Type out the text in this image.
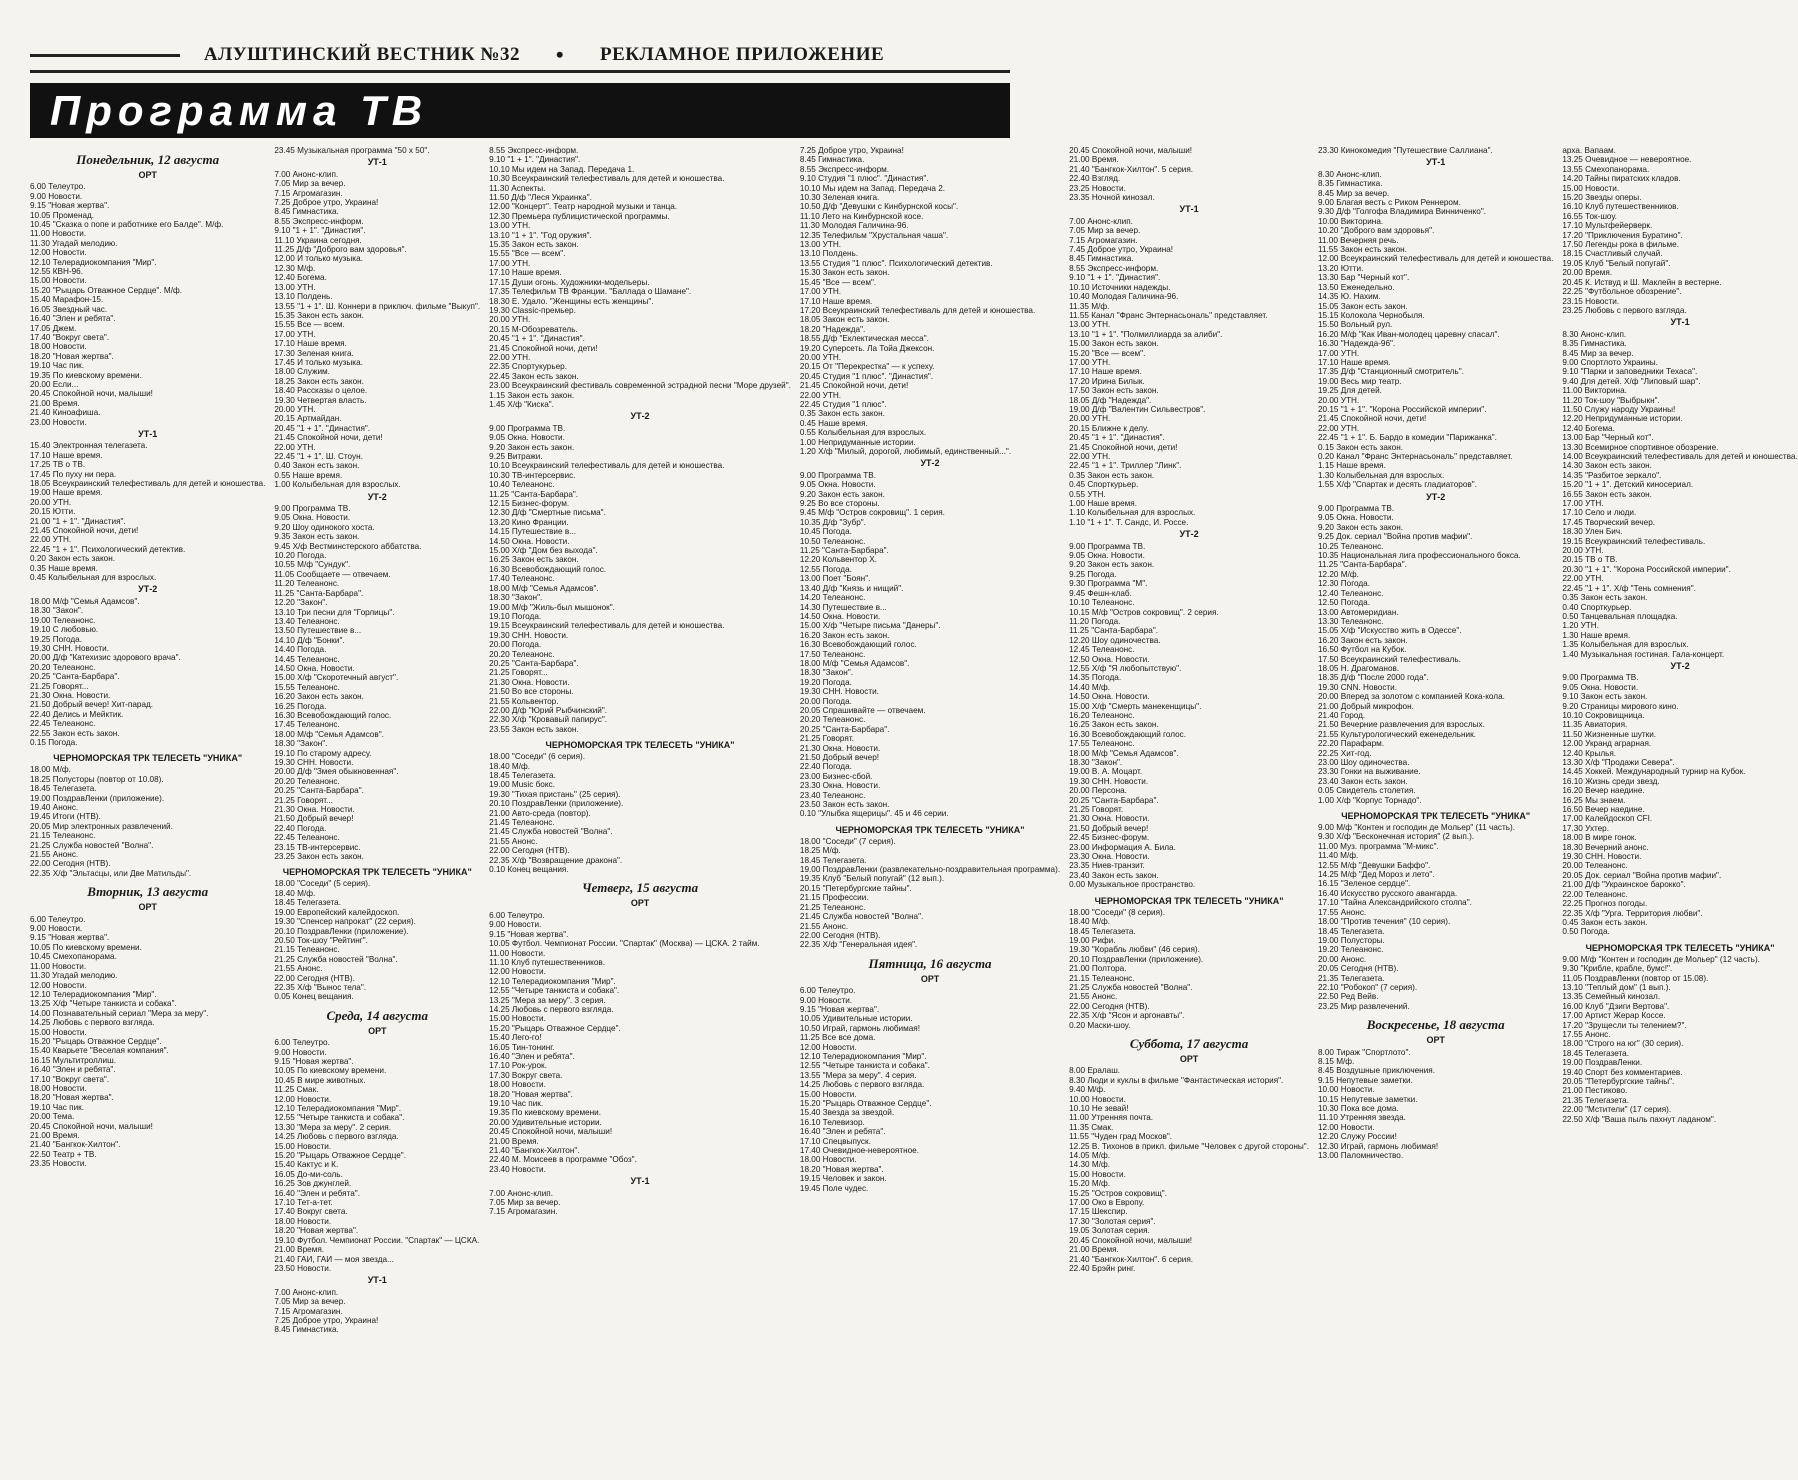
АЛУШТИНСКИЙ ВЕСТНИК №32	•	РЕКЛАМНОЕ ПРИЛОЖЕНИЕ
Программа ТВ
Понедельник, 12 августа
ОРТ
6.00 Телеутро.
9.00 Новости.
9.15 "Новая жертва".
10.05 Променад.
10.45 "Сказка о попе и работнике его Балде". М/ф.
11.00 Новости.
11.30 Угадай мелодию.
12.00 Новости.
12.10 Телерадиокомпания "Мир".
12.55 КВН-96.
15.00 Новости.
15.20 "Рыцарь Отважное Сердце". М/ф.
15.40 Марафон-15.
16.05 Звездный час.
16.40 "Элен и ребята".
17.05 Джем.
17.40 "Вокруг света".
18.00 Новости.
18.20 "Новая жертва".
19.10 Час пик.
19.35 По киевскому времени.
20.00 Если...
20.45 Спокойной ночи, малыши!
21.00 Время.
21.40 Киноафиша.
23.00 Новости.
УТ-1
15.40 Электронная телегазета.
17.10 Наше время.
17.25 ТВ о ТВ.
17.45 По пуху ни пера.
18.05 Всеукраинский телефестиваль для детей и юношества.
19.00 Наше время.
20.00 УТН.
20.15 Ютти.
21.00 "1 + 1". "Династия".
21.45 Спокойной ночи, дети!
22.00 УТН.
22.45 "1 + 1". Психологический детектив.
0.20 Закон есть закон.
0.35 Наше время.
0.45 Колыбельная для взрослых.
УТ-2
18.00 М/ф "Семья Адамсов".
18.30 "Закон".
19.00 Телеанонс.
19.10 С любовью.
19.25 Погода.
19.30 СНН. Новости.
20.00 Д/ф "Катехизис здорового врача".
20.20 Телеанонс.
20.25 "Санта-Барбара".
21.25 Говорят...
21.30 Окна. Новости.
21.50 Добрый вечер! Хит-парад.
22.40 Делись и Мейктик.
22.45 Телеанонс.
22.55 Закон есть закон.
0.15 Погода.
ЧЕРНОМОРСКАЯ ТРК ТЕЛЕСЕТЬ "УНИКА"
18.00 М/ф.
18.25 Полусторы (повтор от 10.08).
18.45 Телегазета.
19.00 ПоздравЛенки (приложение).
19.40 Анонс.
19.45 Итоги (НТВ).
20.05 Мир электронных развлечений.
21.15 Телеанонс.
21.25 Служба новостей "Волна".
21.55 Анонс.
22.00 Сегодня (НТВ).
22.35 Х/ф "Эльтасцы, или Две Матильды".
Вторник, 13 августа
ОРТ
6.00 Телеутро.
9.00 Новости.
9.15 "Новая жертва".
10.05 По киевскому времени.
10.45 Смехопанорама.
11.00 Новости.
11.30 Угадай мелодию.
12.00 Новости.
12.10 Телерадиокомпания "Мир".
13.25 Х/ф "Четыре танкиста и собака".
14.00 Познавательный сериал "Мера за меру".
14.25 Любовь с первого взгляда.
15.00 Новости.
15.20 "Рыцарь Отважное Сердце".
15.40 Кварьете "Веселая компания".
16.15 Мультитроллиш.
16.40 "Элен и ребята".
17.10 "Вокруг света".
18.00 Новости.
18.20 "Новая жертва".
19.10 Час пик.
20.00 Тема.
20.45 Спокойной ночи, малыши!
21.00 Время.
21.40 "Бангкок-Хилтон".
22.50 Театр + ТВ.
23.35 Новости.
23.45 Музыкальная программа "50 х 50".
УТ-1
7.00 Анонс-клип.
7.05 Мир за вечер.
7.15 Агромагазин.
7.25 Доброе утро, Украина!
8.45 Гимнастика.
8.55 Экспресс-информ.
9.10 "1 + 1". "Династия".
11.10 Украина сегодня.
11.25 Д/ф "Доброго вам здоровья".
12.00 И только музыка.
12.30 М/ф.
12.40 Богема.
13.00 УТН.
13.10 Полдень.
13.55 "1 + 1". Ш. Коннери в приключ. фильме "Выкуп".
15.35 Закон есть закон.
15.55 Все — всем.
17.00 УТН.
17.10 Наше время.
17.30 Зеленая книга.
17.45 И только музыка.
18.00 Служим.
18.25 Закон есть закон.
18.40 Рассказы о целое.
19.30 Четвертая власть.
20.00 УТН.
20.15 Артмайдан.
20.45 "1 + 1". "Династия".
21.45 Спокойной ночи, дети!
22.00 УТН.
22.45 "1 + 1". Ш. Стоун.
0.40 Закон есть закон.
0.55 Наше время.
1.00 Колыбельная для взрослых.
УТ-2
9.00 Программа ТВ.
9.05 Окна. Новости.
9.20 Шоу одинокого хоста.
9.35 Закон есть закон.
9.45 Х/ф Вестминстерского аббатства.
10.20 Погода.
10.55 М/ф "Сундук".
11.05 Сообщаете — отвечаем.
11.20 Телеанонс.
11.25 "Санта-Барбара".
12.20 "Закон".
13.10 Три песни для "Горлицы".
13.40 Телеанонс.
13.50 Путешествие в...
14.10 Д/ф "Бонки".
14.40 Погода.
14.45 Телеанонс.
14.50 Окна. Новости.
15.00 Х/ф "Скоротечный август".
15.55 Телеанонс.
16.20 Закон есть закон.
16.25 Погода.
16.30 Всевобождающий голос.
17.45 Телеанонс.
18.00 М/ф "Семья Адамсов".
18.30 "Закон".
19.10 По старому адресу.
19.30 СНН. Новости.
20.00 Д/ф "Змея обыкновенная".
20.20 Телеанонс.
20.25 "Санта-Барбара".
21.25 Говорят...
21.30 Окна. Новости.
21.50 Добрый вечер!
22.40 Погода.
22.45 Телеанонс.
23.15 ТВ-интерсервис.
23.25 Закон есть закон.
ЧЕРНОМОРСКАЯ ТРК ТЕЛЕСЕТЬ "УНИКА"
18.00 "Соседи" (5 серия).
18.40 М/ф.
18.45 Телегазета.
19.00 Европейский калейдоскоп.
19.30 "Спенсер напрокат" (22 серия).
20.10 ПоздравЛенки (приложение).
20.50 Ток-шоу "Рейтинг".
21.15 Телеанонс.
21.25 Служба новостей "Волна".
21.55 Анонс.
22.00 Сегодня (НТВ).
22.35 Х/ф "Вынос тела".
0.05 Конец вещания.
Среда, 14 августа
ОРТ
6.00 Телеутро.
9.00 Новости.
9.15 "Новая жертва".
10.05 По киевскому времени.
10.45 В мире животных.
11.25 Смак.
12.00 Новости.
12.10 Телерадиокомпания "Мир".
12.55 "Четыре танкиста и собака".
13.30 "Мера за меру". 2 серия.
14.25 Любовь с первого взгляда.
15.00 Новости.
15.20 "Рыцарь Отважное Сердце".
15.40 Кактус и К.
16.05 До-ми-соль.
16.25 Зов джунглей.
16.40 "Элен и ребята".
17.10 Тет-а-тет.
17.40 Вокруг света.
18.00 Новости.
18.20 "Новая жертва".
19.10 Футбол. Чемпионат России. "Спартак" — ЦСКА.
21.00 Время.
21.40 ГАИ, ГАИ — моя звезда...
23.50 Новости.
УТ-1
7.00 Анонс-клип.
7.05 Мир за вечер.
7.15 Агромагазин.
7.25 Доброе утро, Украина!
8.45 Гимнастика.
8.55 Экспресс-информ.
9.10 "1 + 1". "Династия".
10.10 Мы идем на Запад. Передача 1.
10.30 Всеукраинский телефестиваль для детей и юношества.
11.30 Аспекты.
11.50 Д/ф "Леся Украинка".
12.00 "Концерт". Театр народной музыки и танца.
12.30 Премьера публицистической программы.
13.00 УТН.
13.10 "1 + 1". "Год оружия".
15.35 Закон есть закон.
15.55 "Все — всем".
17.00 УТН.
17.10 Наше время.
17.15 Души огонь. Художники-модельеры.
17.35 Телефильм ТВ Франции. "Баллада о Шамане".
18.30 Е. Удало. "Женщины есть женщины".
19.30 Classic-премьер.
20.00 УТН.
20.15 М-Обозреватель.
20.45 "1 + 1". "Династия".
21.45 Спокойной ночи, дети!
22.00 УТН.
22.35 Спортукурьер.
22.45 Закон есть закон.
23.00 Всеукраинский фестиваль современной эстрадной песни "Море друзей".
1.15 Закон есть закон.
1.45 Х/ф "Киска".
УТ-2
9.00 Программа ТВ.
9.05 Окна. Новости.
9.20 Закон есть закон.
9.25 Витражи.
10.10 Всеукраинский телефестиваль для детей и юношества.
10.30 ТВ-интерсервис.
10.40 Телеанонс.
11.25 "Санта-Барбара".
12.15 Бизнес-форум.
12.30 Д/ф "Смертные письма".
13.20 Кино Франции.
14.15 Путешествие в...
14.50 Окна. Новости.
15.00 Х/ф "Дом без выхода".
16.25 Закон есть закон.
16.30 Всевобождающий голос.
17.40 Телеанонс.
18.00 М/ф "Семья Адамсов".
18.30 "Закон".
19.00 М/ф "Жиль-был мышонок".
19.10 Погода.
19.15 Всеукраинский телефестиваль для детей и юношества.
19.30 СНН. Новости.
20.00 Погода.
20.20 Телеанонс.
20.25 "Санта-Барбара".
21.25 Говорят...
21.30 Окна. Новости.
21.50 Во все стороны.
21.55 Кольвентор.
22.00 Д/ф "Юрий Рыбчинский".
22.30 Х/ф "Кровавый папирус".
23.55 Закон есть закон.
ЧЕРНОМОРСКАЯ ТРК ТЕЛЕСЕТЬ "УНИКА"
18.00 "Соседи" (6 серия).
18.40 М/ф.
18.45 Телегазета.
19.00 Music бокс.
19.30 "Тихая пристань" (25 серия).
20.10 ПоздравЛенки (приложение).
21.00 Авто-среда (повтор).
21.45 Телеанонс.
21.45 Служба новостей "Волна".
21.55 Анонс.
22.00 Сегодня (НТВ).
22.35 Х/ф "Возвращение дракона".
0.10 Конец вещания.
Четверг, 15 августа
ОРТ
6.00 Телеутро.
9.00 Новости.
9.15 "Новая жертва".
10.05 Футбол. Чемпионат России. "Спартак" (Москва) — ЦСКА. 2 тайм.
11.00 Новости.
11.10 Клуб путешественников.
12.00 Новости.
12.10 Телерадиокомпания "Мир".
12.55 "Четыре танкиста и собака".
13.25 "Мера за меру". 3 серия.
14.25 Любовь с первого взгляда.
15.00 Новости.
15.20 "Рыцарь Отважное Сердце".
15.40 Лего-го!
16.05 Тин-тонинг.
16.40 "Элен и ребята".
17.10 Рок-урок.
17.30 Вокруг света.
18.00 Новости.
18.20 "Новая жертва".
19.10 Час пик.
19.35 По киевскому времени.
20.00 Удивительные истории.
20.45 Спокойной ночи, малыши!
21.00 Время.
21.40 "Бангкок-Хилтон".
22.40 М. Моисеев в программе "Обоз".
23.40 Новости.
УТ-1
7.00 Анонс-клип.
7.05 Мир за вечер.
7.15 Агромагазин.
7.25 Доброе утро, Украина!
8.45 Гимнастика.
8.55 Экспресс-информ.
9.10 Студия "1 плюс". "Династия".
10.10 Мы идем на Запад. Передача 2.
10.30 Зеленая книга.
10.50 Д/ф "Девушки с Кинбурнской косы".
11.10 Лето на Кинбурнской косе.
11.30 Молодая Галичина-96.
12.35 Телефильм "Хрустальная чаша".
13.00 УТН.
13.10 Полдень.
13.55 Студия "1 плюс". Психологический детектив.
15.30 Закон есть закон.
15.45 "Все — всем".
17.00 УТН.
17.10 Наше время.
17.20 Всеукраинский телефестиваль для детей и юношества.
18.05 Закон есть закон.
18.20 "Надежда".
18.55 Д/ф "Еклектическая месса".
19.20 Суперсеть. Ла Тойа Джексон.
20.00 УТН.
20.15 От "Перекрестка" — к успеху.
20.45 Студия "1 плюс". "Династия".
21.45 Спокойной ночи, дети!
22.00 УТН.
22.45 Студия "1 плюс".
0.35 Закон есть закон.
0.45 Наше время.
0.55 Колыбельная для взрослых.
1.00 Непридуманные истории.
1.20 Х/ф "Милый, дорогой, любимый, единственный...".
УТ-2
9.00 Программа ТВ.
9.05 Окна. Новости.
9.20 Закон есть закон.
9.25 Во все стороны.
9.45 М/ф "Остров сокровищ". 1 серия.
10.35 Д/ф "Зубр".
10.45 Погода.
10.50 Телеанонс.
11.25 "Санта-Барбара".
12.20 Кольвентор Х.
12.55 Погода.
13.00 Поет "Боян".
13.40 Д/ф "Князь и нищий".
14.20 Телеанонс.
14.30 Путешествие в...
14.50 Окна. Новости.
15.00 Х/ф "Четыре письма "Данеры".
16.20 Закон есть закон.
16.30 Всевобождающий голос.
17.50 Телеанонс.
18.00 М/ф "Семья Адамсов".
18.30 "Закон".
19.20 Погода.
19.30 СНН. Новости.
20.00 Погода.
20.05 Спрашивайте — отвечаем.
20.20 Телеанонс.
20.25 "Санта-Барбара".
21.25 Говорят.
21.30 Окна. Новости.
21.50 Добрый вечер!
22.40 Погода.
23.00 Бизнес-сбой.
23.30 Окна. Новости.
23.40 Телеанонс.
23.50 Закон есть закон.
0.10 "Улыбка ящерицы". 45 и 46 серии.
ЧЕРНОМОРСКАЯ ТРК ТЕЛЕСЕТЬ "УНИКА"
18.00 "Соседи" (7 серия).
18.25 М/ф.
18.45 Телегазета.
19.00 ПоздравЛенки (развлекательно-поздравительная программа).
19.35 Клуб "Белый попугай" (12 вып.).
20.15 "Петербургские тайны".
21.15 Профессии.
21.25 Телеанонс.
21.45 Служба новостей "Волна".
21.55 Анонс.
22.00 Сегодня (НТВ).
22.35 Х/ф "Генеральная идея".
Пятница, 16 августа
ОРТ
6.00 Телеутро.
9.00 Новости.
9.15 "Новая жертва".
10.05 Удивительные истории.
10.50 Играй, гармонь любимая!
11.25 Все все дома.
12.00 Новости.
12.10 Телерадиокомпания "Мир".
12.55 "Четыре танкиста и собака".
13.55 "Мера за меру". 4 серия.
14.25 Любовь с первого взгляда.
15.00 Новости.
15.20 "Рыцарь Отважное Сердце".
15.40 Звезда за звездой.
16.10 Телевизор.
16.40 "Элен и ребята".
17.10 Спецвыпуск.
17.40 Очевидное-невероятное.
18.00 Новости.
18.20 "Новая жертва".
19.15 Человек и закон.
19.45 Поле чудес.
20.45 Спокойной ночи, малыши!
21.00 Время.
21.40 "Бангкок-Хилтон". 5 серия.
22.40 Взгляд.
23.25 Новости.
23.35 Ночной кинозал.
УТ-1
7.00 Анонс-клип.
7.05 Мир за вечер.
7.15 Агромагазин.
7.45 Доброе утро, Украина!
8.45 Гимнастика.
8.55 Экспресс-информ.
9.10 "1 + 1". "Династия".
10.10 Источники надежды.
10.40 Молодая Галичина-96.
11.35 М/ф.
11.55 Канал "Франс Энтернасьональ" представляет.
13.00 УТН.
13.10 "1 + 1". "Полмиллиарда за алиби".
15.00 Закон есть закон.
15.20 "Все — всем".
17.00 УТН.
17.10 Наше время.
17.20 Ирина Билык.
17.50 Закон есть закон.
18.05 Д/ф "Надежда".
19.00 Д/ф "Валентин Сильвестров".
20.00 УТН.
20.15 Ближне к делу.
20.45 "1 + 1". "Династия".
21.45 Спокойной ночи, дети!
22.00 УТН.
22.45 "1 + 1". Триллер "Линк".
0.35 Закон есть закон.
0.45 Спорткурьер.
0.55 УТН.
1.00 Наше время.
1.10 Колыбельная для взрослых.
1.10 "1 + 1". Т. Сандс, И. Россе.
УТ-2
9.00 Программа ТВ.
9.05 Окна. Новости.
9.20 Закон есть закон.
9.25 Погода.
9.30 Программа "М".
9.45 Фешн-клаб.
10.10 Телеанонс.
10.15 М/ф "Остров сокровищ". 2 серия.
11.20 Погода.
11.25 "Санта-Барбара".
12.20 Шоу одиночества.
12.45 Телеанонс.
12.50 Окна. Новости.
12.55 Х/ф "Я любопытствую".
14.35 Погода.
14.40 М/ф.
14.50 Окна. Новости.
15.00 Х/ф "Смерть манекенщицы".
16.20 Телеанонс.
16.25 Закон есть закон.
16.30 Всевобождающий голос.
17.55 Телеанонс.
18.00 М/ф "Семья Адамсов".
18.30 "Закон".
19.00 В. А. Моцарт.
19.30 СНН. Новости.
20.00 Персона.
20.25 "Санта-Барбара".
21.25 Говорят.
21.30 Окна. Новости.
21.50 Добрый вечер!
22.45 Бизнес-форум.
23.00 Информация А. Била.
23.30 Окна. Новости.
23.35 Ниев-транзит.
23.40 Закон есть закон.
0.00 Музыкальное пространство.
ЧЕРНОМОРСКАЯ ТРК ТЕЛЕСЕТЬ "УНИКА"
18.00 "Соседи" (8 серия).
18.40 М/ф.
18.45 Телегазета.
19.00 Рифи.
19.30 "Корабль любви" (46 серия).
20.10 ПоздравЛенки (приложение).
21.00 Полтора.
21.15 Телеанонс.
21.25 Служба новостей "Волна".
21.55 Анонс.
22.00 Сегодня (НТВ).
22.35 Х/ф "Ясон и аргонавты".
0.20 Маски-шоу.
Суббота, 17 августа
ОРТ
8.00 Ералаш.
8.30 Люди и куклы в фильме "Фантастическая история".
9.40 М/ф.
10.00 Новости.
10.10 Не зевай!
11.00 Утренняя почта.
11.35 Смак.
11.55 "Чуден град Москов".
12.25 В. Тихонов в прикл. фильме "Человек с другой стороны".
14.05 М/ф.
14.30 М/ф.
15.00 Новости.
15.20 М/ф.
15.25 "Остров сокровищ".
17.00 Око в Европу.
17.15 Шекспир.
17.30 "Золотая серия".
19.05 Золотая серия.
20.45 Спокойной ночи, малыши!
21.00 Время.
21.40 "Бангкок-Хилтон". 6 серия.
22.40 Брэйн ринг.
23.30 Кинокомедия "Путешествие Саллиана".
УТ-1
8.30 Анонс-клип.
8.35 Гимнастика.
8.45 Мир за вечер.
9.00 Благая весть с Риком Реннером.
9.30 Д/ф "Голгофа Владимира Винниченко".
10.00 Викторина.
10.20 "Доброго вам здоровья".
11.00 Вечерняя речь.
11.55 Закон есть закон.
12.00 Всеукраинский телефестиваль для детей и юношества.
13.20 Ютти.
13.30 Бар "Черный кот".
13.50 Еженедельно.
14.35 Ю. Нахим.
15.05 Закон есть закон.
15.15 Колокола Чернобыля.
15.50 Вольный рул.
16.20 М/ф "Как Иван-молодец царевну спасал".
16.30 "Надежда-96".
17.00 УТН.
17.10 Наше время.
17.35 Д/ф "Станционный смотритель".
19.00 Весь мир театр.
19.25 Для детей.
20.00 УТН.
20.15 "1 + 1". "Корона Российской империи".
21.45 Спокойной ночи, дети!
22.00 УТН.
22.45 "1 + 1". Б. Бардо в комедии "Парижанка".
0.15 Закон есть закон.
0.20 Канал "Франс Энтернасьональ" представляет.
1.15 Наше время.
1.30 Колыбельная для взрослых.
1.55 Х/ф "Спартак и десять гладиаторов".
УТ-2
9.00 Программа ТВ.
9.05 Окна. Новости.
9.20 Закон есть закон.
9.25 Док. сериал "Война против мафии".
10.25 Телеанонс.
10.35 Национальная лига профессионального бокса.
11.25 "Санта-Барбара".
12.20 М/ф.
12.30 Погода.
12.40 Телеанонс.
12.50 Погода.
13.00 Автомеридиан.
13.30 Телеанонс.
15.05 Х/ф "Искусство жить в Одессе".
16.20 Закон есть закон.
16.50 Футбол на Кубок.
17.50 Всеукраинский телефестиваль.
18.05 Н. Драгоманов.
18.35 Д/ф "После 2000 года".
19.30 CNN. Новости.
20.00 Вперед за золотом с компанией Кока-кола.
21.00 Добрый микрофон.
21.40 Город.
21.50 Вечерние развлечения для взрослых.
21.55 Культурологический еженедельник.
22.20 Парафарм.
22.25 Хит-год.
23.00 Шоу одиночества.
23.30 Гонки на выживание.
23.40 Закон есть закон.
0.05 Свидетель столетия.
1.00 Х/ф "Корпус Торнадо".
ЧЕРНОМОРСКАЯ ТРК ТЕЛЕСЕТЬ "УНИКА"
9.00 М/ф "Контен и господин де Мольер" (11 часть).
9.30 Х/ф "Бесконечная история" (2 вып.).
11.00 Муз. программа "М-микс".
11.40 М/ф.
12.55 М/ф "Девушки Баффо".
14.25 М/ф "Дед Мороз и лето".
16.15 "Зеленое сердце".
16.40 Искусство русского авангарда.
17.10 "Тайна Александрийского столпа".
17.55 Анонс.
18.00 "Против течения" (10 серия).
18.45 Телегазета.
19.00 Полусторы.
19.20 Телеанонс.
20.00 Анонс.
20.05 Сегодня (НТВ).
21.35 Телегазета.
22.10 "Робокоп" (7 серия).
22.50 Ред Вейв.
23.25 Мир развлечений.
Воскресенье, 18 августа
ОРТ
8.00 Тираж "Спортлото".
8.15 М/ф.
8.45 Воздушные приключения.
9.15 Непутевые заметки.
10.00 Новости.
10.15 Непутевые заметки.
10.30 Пока все дома.
11.10 Утренняя звезда.
12.00 Новости.
12.20 Служу России!
12.30 Играй, гармонь любимая!
13.00 Паломничество.
арха. Вапаам.
13.25 Очевидное — невероятное.
13.55 Смехопанорама.
14.20 Тайны пиратских кладов.
15.00 Новости.
15.20 Звезды оперы.
16.10 Клуб путешественников.
16.55 Ток-шоу.
17.10 Мультфейерверк.
17.20 "Приключения Буратино".
17.50 Легенды рока в фильме.
18.15 Счастливый случай.
19.05 Клуб "Белый попугай".
20.00 Время.
20.45 К. Иствуд и Ш. Маклейн в вестерне.
22.25 "Футбольное обозрение".
23.15 Новости.
23.25 Любовь с первого взгляда.
УТ-1
8.30 Анонс-клип.
8.35 Гимнастика.
8.45 Мир за вечер.
9.00 Спортлото Украины.
9.10 "Парки и заповедники Техаса".
9.40 Для детей. Х/ф "Липовый шар".
11.00 Викторина.
11.20 Ток-шоу "Выбрыкн".
11.50 Служу народу Украины!
12.20 Непридуманные истории.
12.40 Богема.
13.00 Бар "Черный кот".
13.30 Всемирное спортивное обозрение.
14.00 Всеукраинский телефестиваль для детей и юношества.
14.30 Закон есть закон.
14.35 "Разбитое зеркало".
15.20 "1 + 1". Детский киносериал.
16.55 Закон есть закон.
17.00 УТН.
17.10 Село и люди.
17.45 Творческий вечер.
18.30 Улен Бич.
19.15 Всеукраинский телефестиваль.
20.00 УТН.
20.15 ТВ о ТВ.
20.30 "1 + 1". "Корона Российской империи".
22.00 УТН.
22.45 "1 + 1". Х/ф "Тень сомнения".
0.35 Закон есть закон.
0.40 Спорткурьер.
0.50 Танцевальная площадка.
1.20 УТН.
1.30 Наше время.
1.35 Колыбельная для взрослых.
1.40 Музыкальная гостиная. Гала-концерт.
УТ-2
9.00 Программа ТВ.
9.05 Окна. Новости.
9.10 Закон есть закон.
9.20 Страницы мирового кино.
10.10 Сокровищница.
11.35 Авиатория.
11.50 Жизненные шутки.
12.00 Укранд аграрная.
12.40 Крылья.
13.30 Х/ф "Продажи Севера".
14.45 Хоккей. Международный турнир на Кубок.
16.10 Жизнь среди звезд.
16.20 Вечер наедине.
16.25 Мы знаем.
16.50 Вечер наедине.
17.00 Калейдоскоп CFI.
17.30 Ухтер.
18.00 В мире гонок.
18.30 Вечерний анонс.
19.30 СНН. Новости.
20.00 Телеанонс.
20.05 Док. сериал "Война против мафии".
21.00 Д/ф "Украинское барокко".
22.00 Телеанонс.
22.25 Прогноз погоды.
22.35 Х/ф "Урга. Территория любви".
0.45 Закон есть закон.
0.50 Погода.
ЧЕРНОМОРСКАЯ ТРК ТЕЛЕСЕТЬ "УНИКА"
9.00 М/ф "Контен и господин де Мольер" (12 часть).
9.30 "Крибле, крабле, бумс!".
11.05 ПоздравЛенки (повтор от 15.08).
13.10 "Теплый дом" (1 вып.).
13.35 Семейный кинозал.
16.00 Клуб "Дзиги Вертова".
17.00 Артист Жерар Коссе.
17.20 "Зрущесли ты телением?".
17.55 Анонс.
18.00 "Строго на юг" (30 серия).
18.45 Телегазета.
19.00 ПоздравЛенки.
19.40 Спорт без комментариев.
20.05 "Петербургские тайны".
21.00 Пестиково.
21.35 Телегазета.
22.00 "Мстители" (17 серия).
22.50 Х/ф "Ваша пыль пахнут ладаном".
